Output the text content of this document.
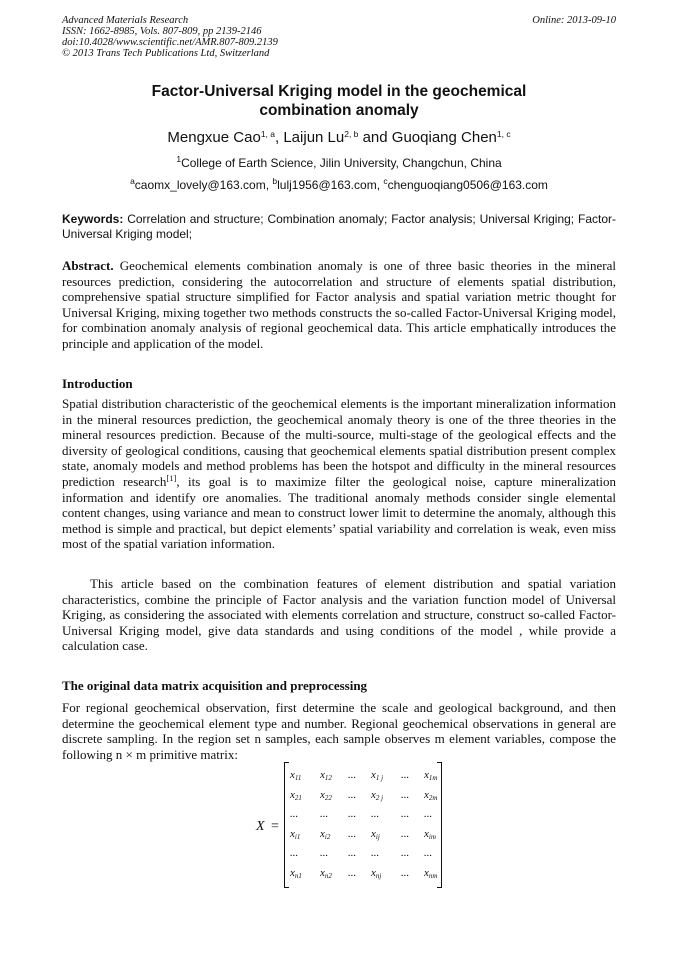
Advanced Materials Research
ISSN: 1662-8985, Vols. 807-809, pp 2139-2146
doi:10.4028/www.scientific.net/AMR.807-809.2139
© 2013 Trans Tech Publications Ltd, Switzerland
Online: 2013-09-10
Factor-Universal Kriging model in the geochemical
combination anomaly
Mengxue Cao$^{1, a}$, Laijun Lu$^{2, b}$ and Guoqiang Chen$^{1, c}$
$^1$College of Earth Science, Jilin University, Changchun, China
$^a$caomx_lovely@163.com, $^b$lulj1956@163.com, $^c$chenguoqiang0506@163.com
Keywords: Correlation and structure; Combination anomaly; Factor analysis; Universal Kriging; Factor-Universal Kriging model;
Abstract. Geochemical elements combination anomaly is one of three basic theories in the mineral resources prediction, considering the autocorrelation and structure of elements spatial distribution, comprehensive spatial structure simplified for Factor analysis and spatial variation metric thought for Universal Kriging, mixing together two methods constructs the so-called Factor-Universal Kriging model, for combination anomaly analysis of regional geochemical data. This article emphatically introduces the principle and application of the model.
Introduction
Spatial distribution characteristic of the geochemical elements is the important mineralization information in the mineral resources prediction, the geochemical anomaly theory is one of the three theories in the mineral resources prediction. Because of the multi-source, multi-stage of the geological effects and the diversity of geological conditions, causing that geochemical elements spatial distribution present complex state, anomaly models and method problems has been the hotspot and difficulty in the mineral resources prediction research[1], its goal is to maximize filter the geological noise, capture mineralization information and identify ore anomalies. The traditional anomaly methods consider single elemental content changes, using variance and mean to construct lower limit to determine the anomaly, although this method is simple and practical, but depict elements’ spatial variability and correlation is weak, even miss most of the spatial variation information.
This article based on the combination features of element distribution and spatial variation characteristics, combine the principle of Factor analysis and the variation function model of Universal Kriging, as considering the associated with elements correlation and structure, construct so-called Factor-Universal Kriging model, give data standards and using conditions of the model , while provide a calculation case.
The original data matrix acquisition and preprocessing
For regional geochemical observation, first determine the scale and geological background, and then determine the geochemical element type and number. Regional geochemical observations in general are discrete sampling. In the region set n samples, each sample observes m element variables, compose the following n × m primitive matrix:
X =
$x_{11}$	$x_{12}$	...	$x_{1 j}$	...	$x_{1m}$
$x_{21}$	$x_{22}$	...	$x_{2 j}$	...	$x_{2m}$
...	...	...	...	...	...
$x_{i1}$	$x_{i2}$	...	$x_{ij}$	...	$x_{im}$
...	...	...	...	...	...
$x_{n1}$	$x_{n2}$	...	$x_{nj}$	...	$x_{nm}$
